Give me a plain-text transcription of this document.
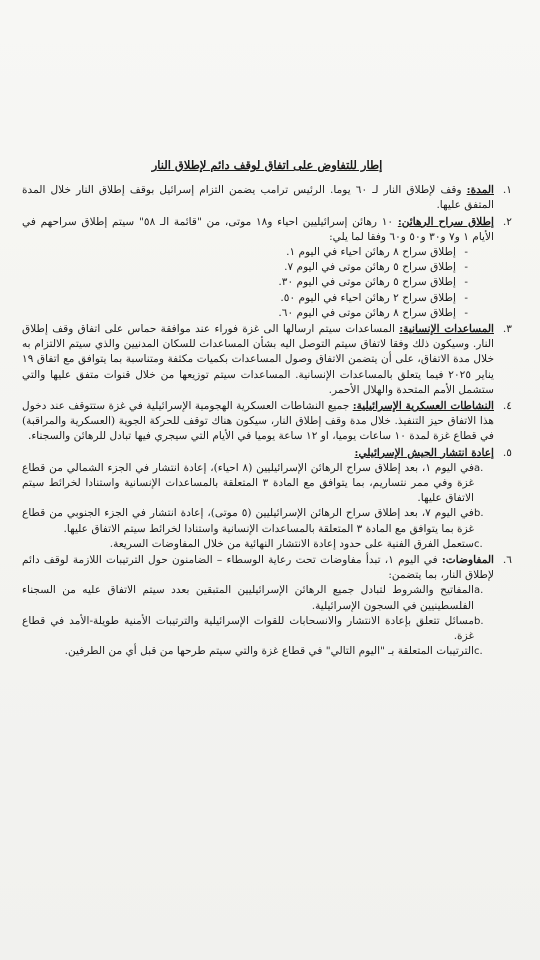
إطار للتفاوض على اتفاق لوقف دائم لإطلاق النار
١.
المدة: وقف لإطلاق النار لـ ٦٠ يوما. الرئيس ترامب يضمن التزام إسرائيل بوقف إطلاق النار خلال المدة المتفق عليها.
٢.
إطلاق سراح الرهائن: ١٠ رهائن إسرائيليين احياء و١٨ موتى، من "قائمة الـ ٥٨" سيتم إطلاق سراحهم في الأيام ١ و٧ و٣٠ و٥٠ و٦٠ وفقا لما يلي:
-
إطلاق سراح ٨ رهائن احياء في اليوم ١.
-
إطلاق سراح ٥ رهائن موتى في اليوم ٧.
-
إطلاق سراح ٥ رهائن موتى في اليوم ٣٠.
-
إطلاق سراح ٢ رهائن احياء في اليوم ٥٠.
-
إطلاق سراح ٨ رهائن موتى في اليوم ٦٠.
٣.
المساعدات الإنسانية: المساعدات سيتم ارسالها الى غزة فوراء عند موافقة حماس على اتفاق وقف إطلاق النار. وسيكون ذلك وفقا لاتفاق سيتم التوصل اليه بشأن المساعدات للسكان المدنيين والذي سيتم الالتزام به خلال مدة الاتفاق، على أن يتضمن الاتفاق وصول المساعدات بكميات مكثفة ومتناسبة بما يتوافق مع اتفاق ١٩ يناير ٢٠٢٥ فيما يتعلق بالمساعدات الإنسانية. المساعدات سيتم توزيعها من خلال قنوات متفق عليها والتي ستشمل الأمم المتحدة والهلال الأحمر.
٤.
النشاطات العسكرية الإسرائيلية: جميع النشاطات العسكرية الهجومية الإسرائيلية في غزة ستتوقف عند دخول هذا الاتفاق حيز التنفيذ. خلال مدة وقف إطلاق النار، سيكون هناك توقف للحركة الجوية (العسكرية والمراقبة) في قطاع غزة لمدة ١٠ ساعات يوميا، او ١٢ ساعة يوميا في الأيام التي سيجري فيها تبادل للرهائن والسجناء.
٥.
إعادة انتشار الجيش الإسرائيلي:
a.
في اليوم ١، بعد إطلاق سراح الرهائن الإسرائيليين (٨ احياء)، إعادة انتشار في الجزء الشمالي من قطاع غزة وفي ممر نتساريم، بما يتوافق مع المادة ٣ المتعلقة بالمساعدات الإنسانية واستنادا لخرائط سيتم الاتفاق عليها.
b.
في اليوم ٧، بعد إطلاق سراح الرهائن الإسرائيليين (٥ موتى)، إعادة انتشار في الجزء الجنوبي من قطاع غزة بما يتوافق مع المادة ٣ المتعلقة بالمساعدات الإنسانية واستنادا لخرائط سيتم الاتفاق عليها.
c.
ستعمل الفرق الفنية على حدود إعادة الانتشار النهائية من خلال المفاوضات السريعة.
٦.
المفاوضات: في اليوم ١، تبدأ مفاوضات تحت رعاية الوسطاء – الضامنون حول الترتيبات اللازمة لوقف دائم لإطلاق النار، بما يتضمن:
a.
المفاتيح والشروط لتبادل جميع الرهائن الإسرائيليين المتبقين بعدد سيتم الاتفاق عليه من السجناء الفلسطينيين في السجون الإسرائيلية.
b.
مسائل تتعلق بإعادة الانتشار والانسحابات للقوات الإسرائيلية والترتيبات الأمنية طويلة-الأمد في قطاع غزة.
c.
الترتيبات المتعلقة بـ "اليوم التالي" في قطاع غزة والتي سيتم طرحها من قبل أي من الطرفين.
